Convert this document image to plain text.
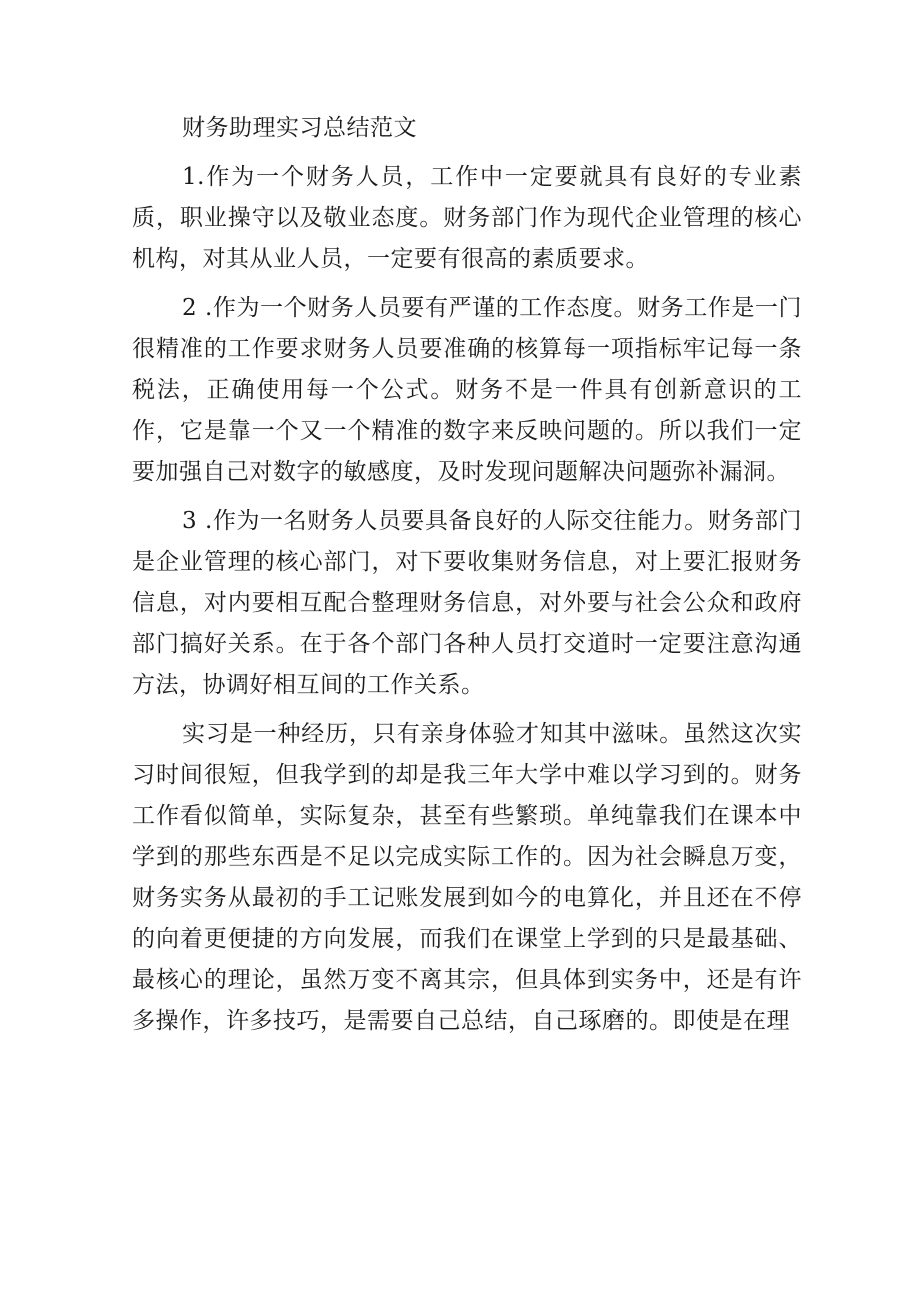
财务助理实习总结范文

1.作为一个财务人员，工作中一定要就具有良好的专业素质，职业操守以及敬业态度。财务部门作为现代企业管理的核心机构，对其从业人员，一定要有很高的素质要求。

2 .作为一个财务人员要有严谨的工作态度。财务工作是一门很精准的工作要求财务人员要准确的核算每一项指标牢记每一条税法，正确使用每一个公式。财务不是一件具有创新意识的工作，它是靠一个又一个精准的数字来反映问题的。所以我们一定要加强自己对数字的敏感度，及时发现问题解决问题弥补漏洞。

3 .作为一名财务人员要具备良好的人际交往能力。财务部门是企业管理的核心部门，对下要收集财务信息，对上要汇报财务信息，对内要相互配合整理财务信息，对外要与社会公众和政府部门搞好关系。在于各个部门各种人员打交道时一定要注意沟通方法，协调好相互间的工作关系。

实习是一种经历，只有亲身体验才知其中滋味。虽然这次实习时间很短，但我学到的却是我三年大学中难以学习到的。财务工作看似简单，实际复杂，甚至有些繁琐。单纯靠我们在课本中学到的那些东西是不足以完成实际工作的。因为社会瞬息万变，财务实务从最初的手工记账发展到如今的电算化，并且还在不停的向着更便捷的方向发展，而我们在课堂上学到的只是最基础、最核心的理论，虽然万变不离其宗，但具体到实务中，还是有许多操作，许多技巧，是需要自己总结，自己琢磨的。即使是在理
